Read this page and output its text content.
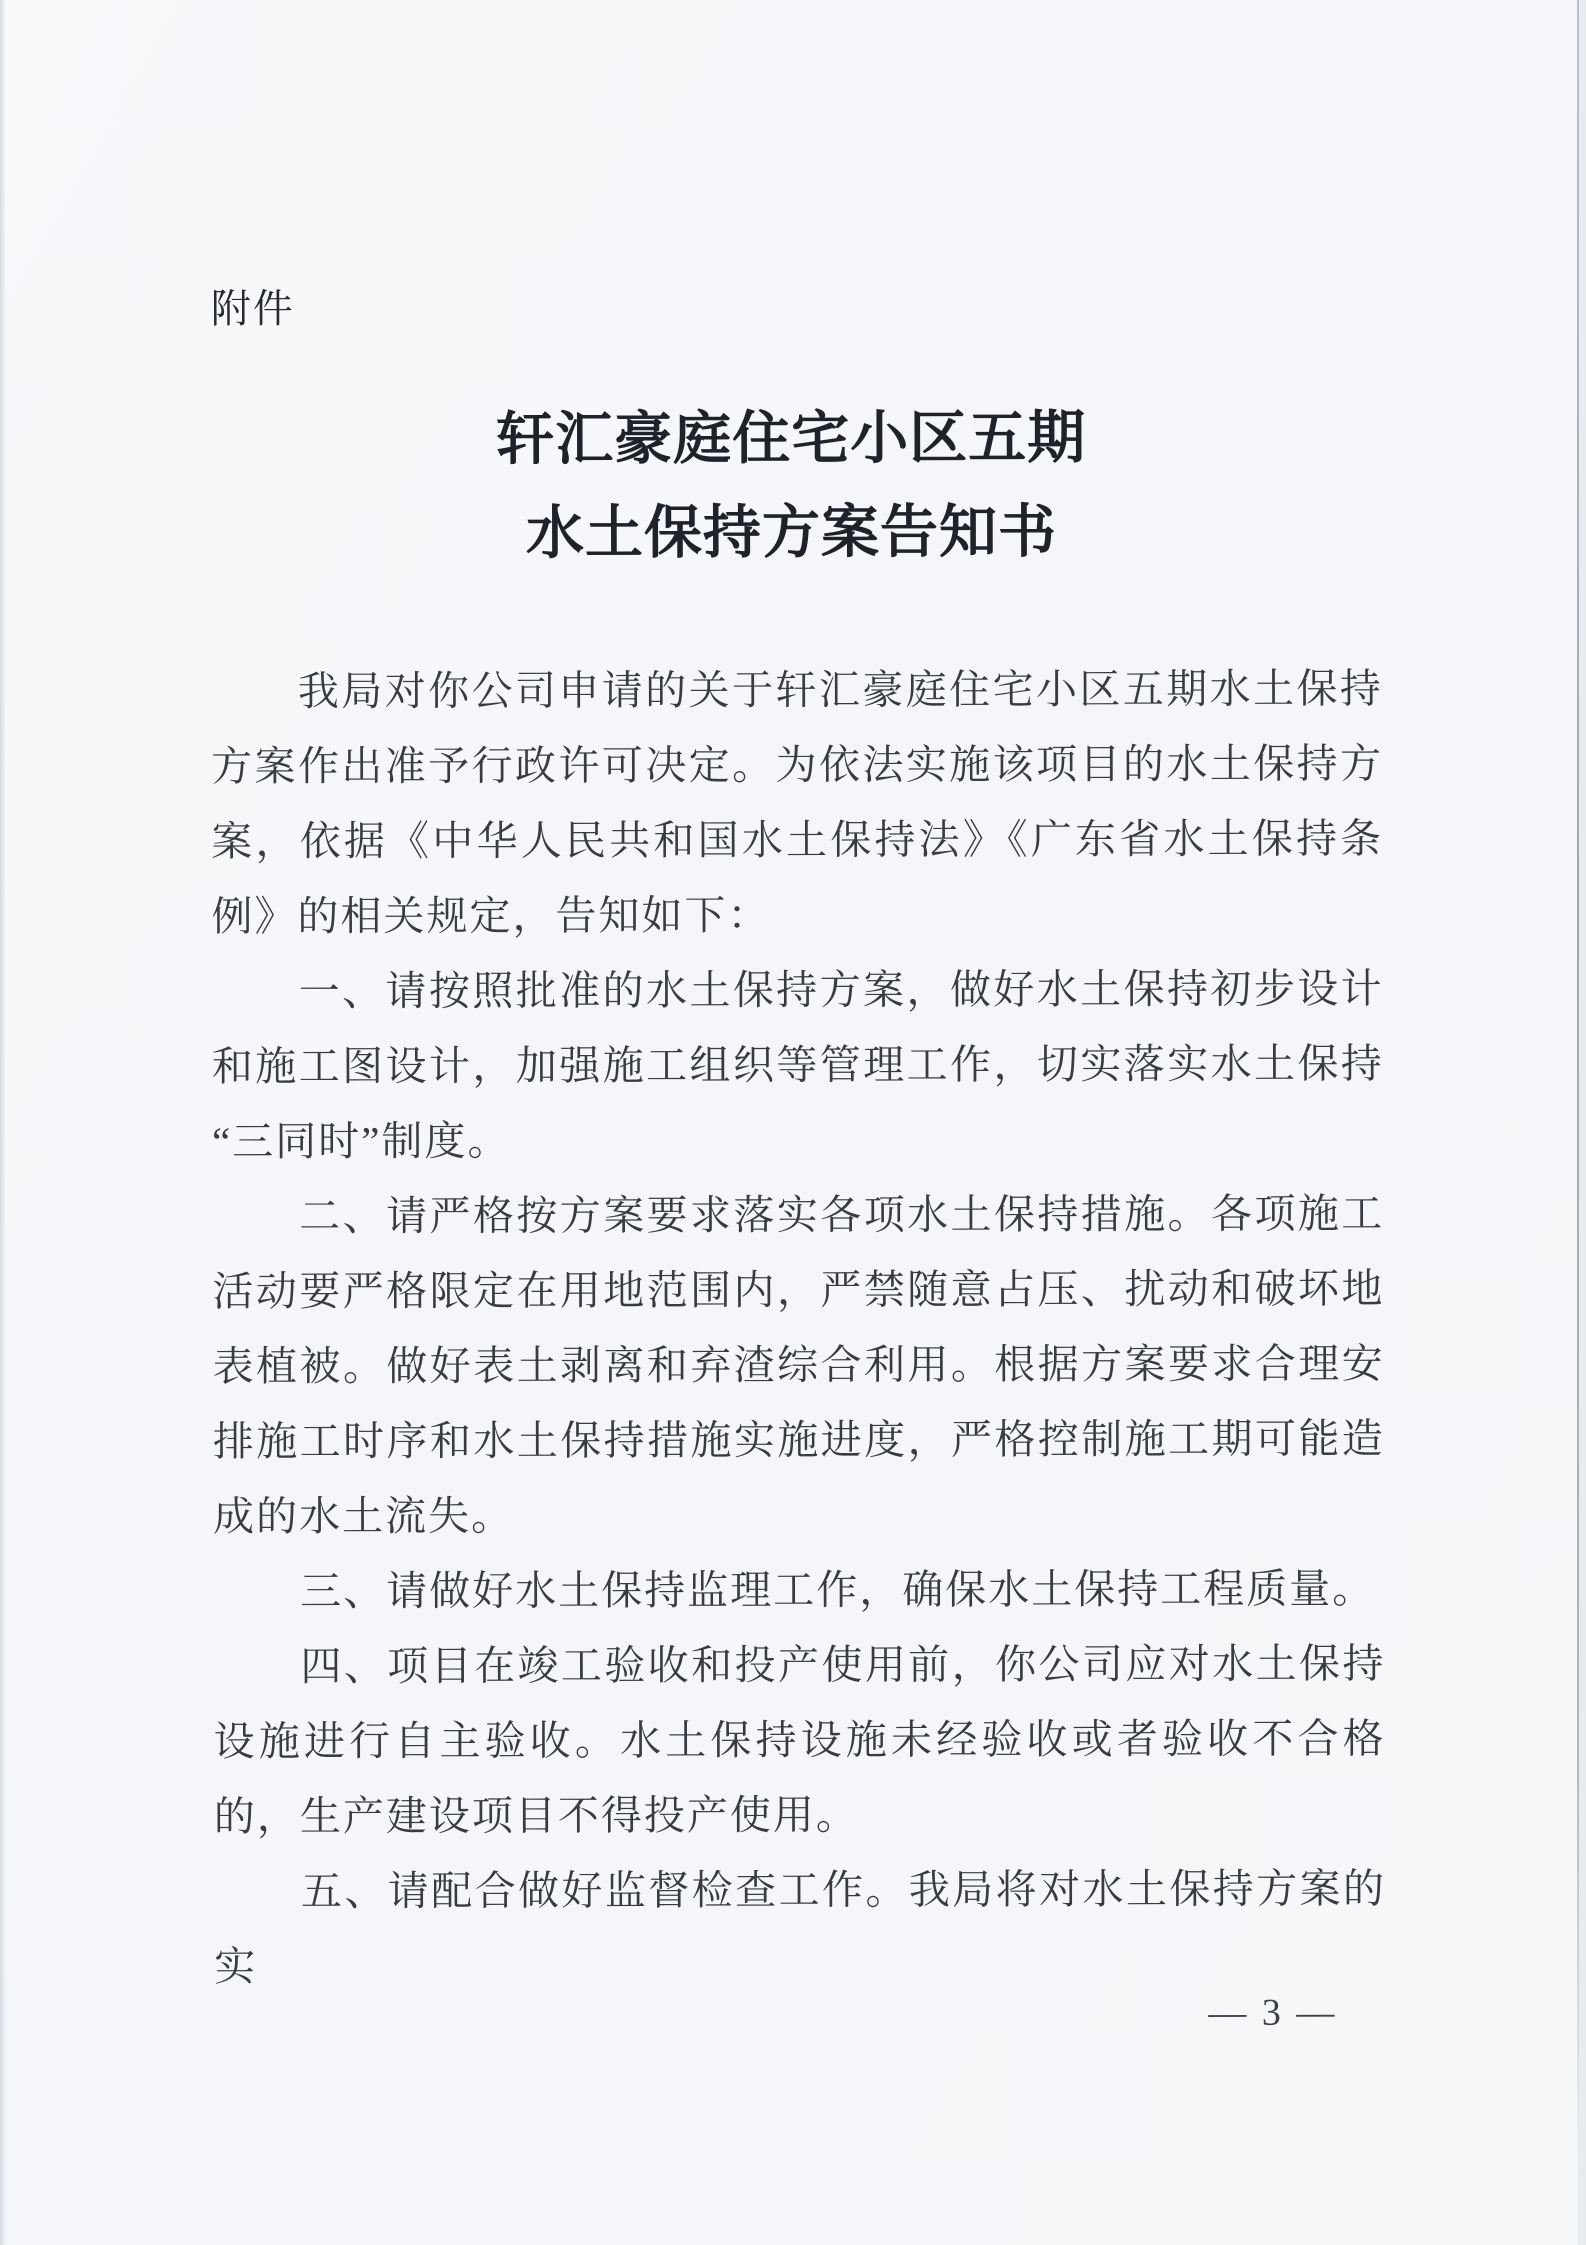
附件
轩汇豪庭住宅小区五期
水土保持方案告知书

我局对你公司申请的关于轩汇豪庭住宅小区五期水土保持方案作出准予行政许可决定。为依法实施该项目的水土保持方案，依据《中华人民共和国水土保持法》《广东省水土保持条例》的相关规定，告知如下：

一、请按照批准的水土保持方案，做好水土保持初步设计和施工图设计，加强施工组织等管理工作，切实落实水土保持“三同时”制度。

二、请严格按方案要求落实各项水土保持措施。各项施工活动要严格限定在用地范围内，严禁随意占压、扰动和破坏地表植被。做好表土剥离和弃渣综合利用。根据方案要求合理安排施工时序和水土保持措施实施进度，严格控制施工期可能造成的水土流失。

三、请做好水土保持监理工作，确保水土保持工程质量。

四、项目在竣工验收和投产使用前，你公司应对水土保持设施进行自主验收。水土保持设施未经验收或者验收不合格的，生产建设项目不得投产使用。

五、请配合做好监督检查工作。我局将对水土保持方案的实

— 3 —
